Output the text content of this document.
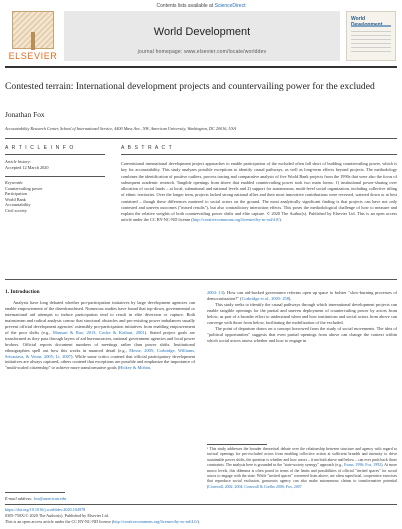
Contents lists available at ScienceDirect
ELSEVIER
World Development
journal homepage: www.elsevier.com/locate/worlddev
World
Contested terrain: International development projects and countervailing power for the excluded
Jonathan Fox
Accountability Research Center, School of International Service, 4400 Mass Ave., NW, American University, Washington, DC 20016, USA
A R T I C L E I N F O
Article history:
Accepted 12 March 2020
Keywords:
Countervailing power
Participation
World Bank
Accountability
Civil society
A B S T R A C T
Conventional international development project approaches to enable participation of the excluded often fall short of building countervailing power, which is key for accountability. This study analyzes possible exceptions to identify causal pathways, as well as long-term effects beyond projects. The methodology combines the identification of positive outliers, process tracing and comparative analysis of five World Bank projects from the 1990s that were also the focus of subsequent academic research. Tangible openings from above that enabled countervailing power took two main forms: 1) institutional power-sharing over allocation of social funds – at local, subnational and national levels and 2) support for autonomous, multi-level social organization, including collective titling of ethnic territories. Over the longer term, projects lacked strong national allies and their most innovative contributions were reversed, watered down or at best contained – though these differences mattered to social actors on the ground. The most analytically significant finding is that projects can have not only contested and uneven outcomes ("mixed results"), but also contradictory interaction effects. This poses the methodological challenge of how to measure and explain the relative weights of both countervailing power shifts and elite capture. © 2020 The Author(s). Published by Elsevier Ltd. This is an open access article under the CC BY-NC-ND license (http://creativecommons.org/licenses/by-nc-nd/4.0/).
1. Introduction

Analysts have long debated whether pro-participation initiatives by large development agencies can enable empowerment of the disenfranchised. Numerous studies have found that top-down, governmental or international aid attempts to induce participation tend to result in elite diversion or capture. Both mainstream and radical analysts concur that structural obstacles and pro-existing power imbalances usually prevent official development agencies' ostensibly pro-participation initiatives from enabling empowerment of the poor shifts (e.g., Mansuri & Rao, 2013; Cooke & Kothari, 2001). Stated project goals are transformed as they pass through layers of aid bureaucracies, national government agencies and local power brokers. Official reports document numbers of meetings rather than power shifts. Institutional ethnographies spell out how this works in nuanced detail (e.g., Mosse, 2005; Corbridge, Williams, Srivastava, & Veron, 2005; Li, 2007). While some critics contend that official participatory development initiatives are always captured, others contend that exceptions are possible and emphasize the importance of "multi-scaled citizenship" to achieve more transformative goals (Hickey & Mohan,

2004: 13). How can aid-backed governance reforms open up space to bolster "slow-burning processes of democratization?" (Corbridge et al., 2005: 258).

This study seeks to identify the causal pathways through which international development projects can enable tangible openings for the partial and uneven deployment of countervailing power by actors from below, as part of a broader effort to understand when and how institutions and social actors from above can converge with those from below, facilitating the mobilization of the excluded.

The point of departure draws on a concept borrowed from the study of social movements. The idea of "political opportunities" suggests that even partial openings from above can change the context within which social actors assess whether and how to engage in

¹ This study addresses the broader theoretical debate over the relationship between structure and agency with regard to tactical openings for pro-excluded actors from enabling collective action at sufficient breadth and intensity to drive sustainable power shifts, the question is whether and how actors – from both above and below – can ever push back those constraints. The analysis here is grounded in the "state-society synergy" approach (e.g., Evans, 1996; Fox, 1992). At more macro levels, this dilemma is often posed in terms of the limits and possibilities of official "invited spaces" for social actors to engage with the state. While "invited spaces" convened from above, are often superficial, cooperative exercises that reproduce social exclusion, grassroots agency can also make autonomous claims to transformative potential (Cornwall, 2002; 2004; Cornwall & Coelho 2006; Fox, 2007
E-mail address: fox@american.edu
https://doi.org/10.1016/j.worlddev.2020.104978
0305-750X/© 2020 The Author(s). Published by Elsevier Ltd.
This is an open access article under the CC BY-NC-ND license (http://creativecommons.org/licenses/by-nc-nd/4.0/).
